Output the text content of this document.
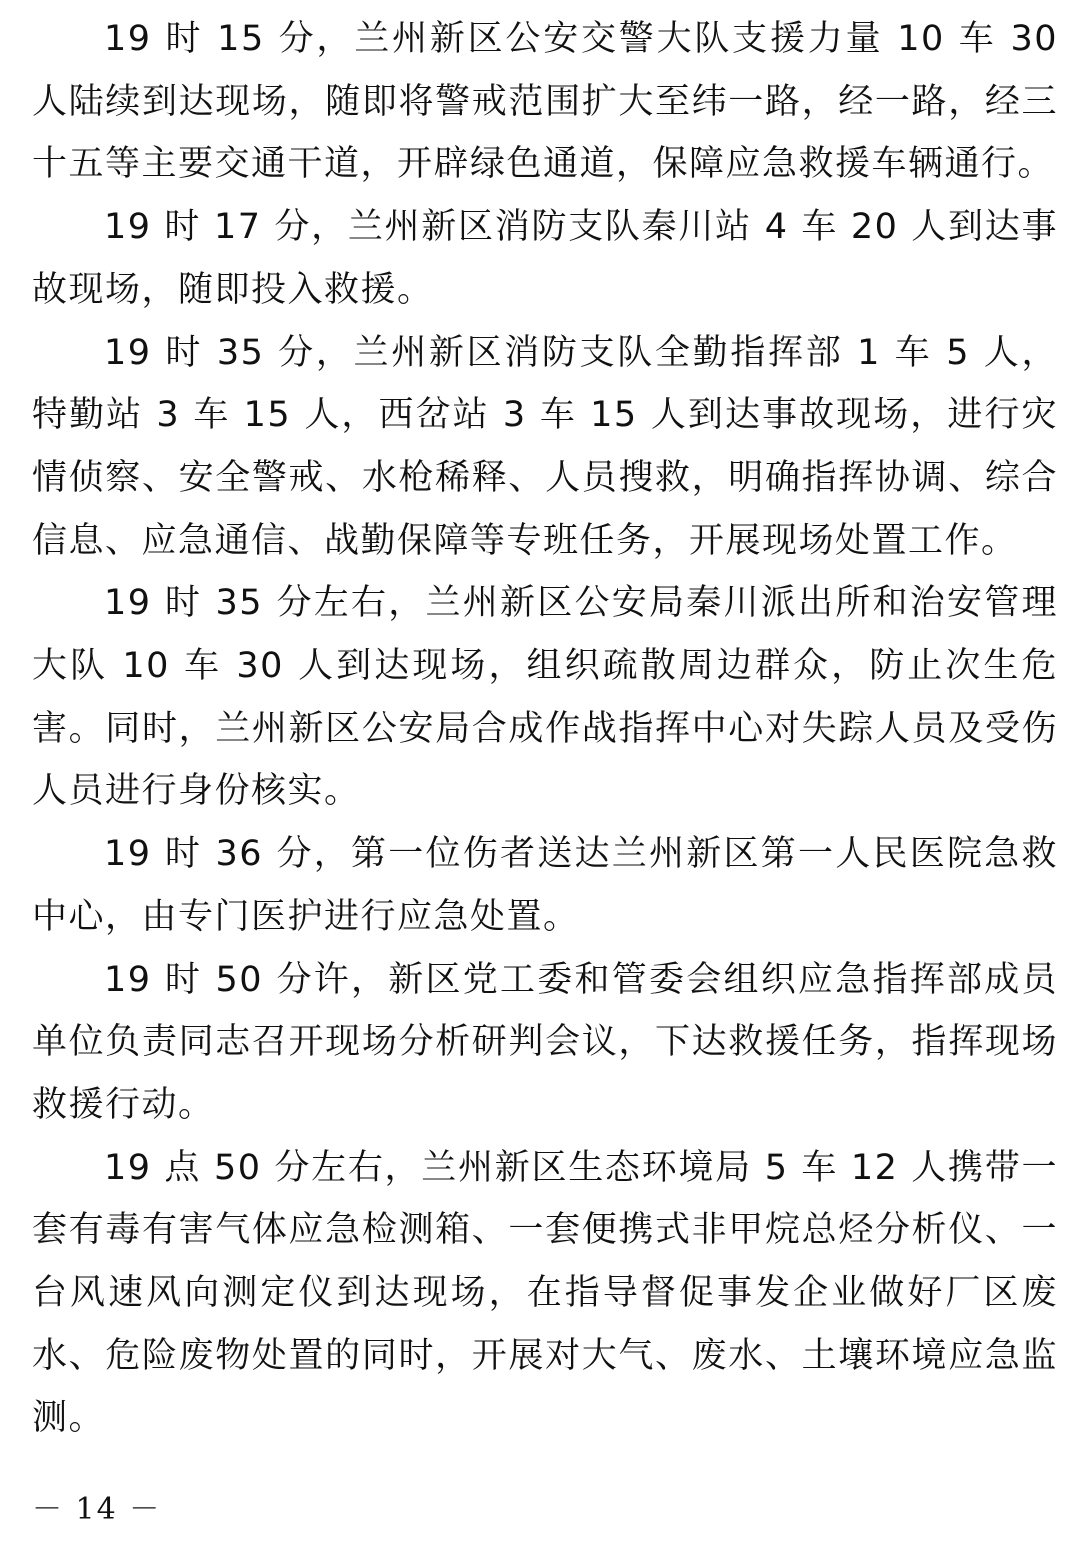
19 时 15 分，兰州新区公安交警大队支援力量 10 车 30 人陆续到达现场，随即将警戒范围扩大至纬一路，经一路，经三十五等主要交通干道，开辟绿色通道，保障应急救援车辆通行。

19 时 17 分，兰州新区消防支队秦川站 4 车 20 人到达事故现场，随即投入救援。

19 时 35 分，兰州新区消防支队全勤指挥部 1 车 5 人，特勤站 3 车 15 人，西岔站 3 车 15 人到达事故现场，进行灾情侦察、安全警戒、水枪稀释、人员搜救，明确指挥协调、综合信息、应急通信、战勤保障等专班任务，开展现场处置工作。

19 时 35 分左右，兰州新区公安局秦川派出所和治安管理大队 10 车 30 人到达现场，组织疏散周边群众，防止次生危害。同时，兰州新区公安局合成作战指挥中心对失踪人员及受伤人员进行身份核实。

19 时 36 分，第一位伤者送达兰州新区第一人民医院急救中心，由专门医护进行应急处置。

19 时 50 分许，新区党工委和管委会组织应急指挥部成员单位负责同志召开现场分析研判会议，下达救援任务，指挥现场救援行动。

19 点 50 分左右，兰州新区生态环境局 5 车 12 人携带一套有毒有害气体应急检测箱、一套便携式非甲烷总烃分析仪、一台风速风向测定仪到达现场，在指导督促事发企业做好厂区废水、危险废物处置的同时，开展对大气、废水、土壤环境应急监测。

－ 14 －
